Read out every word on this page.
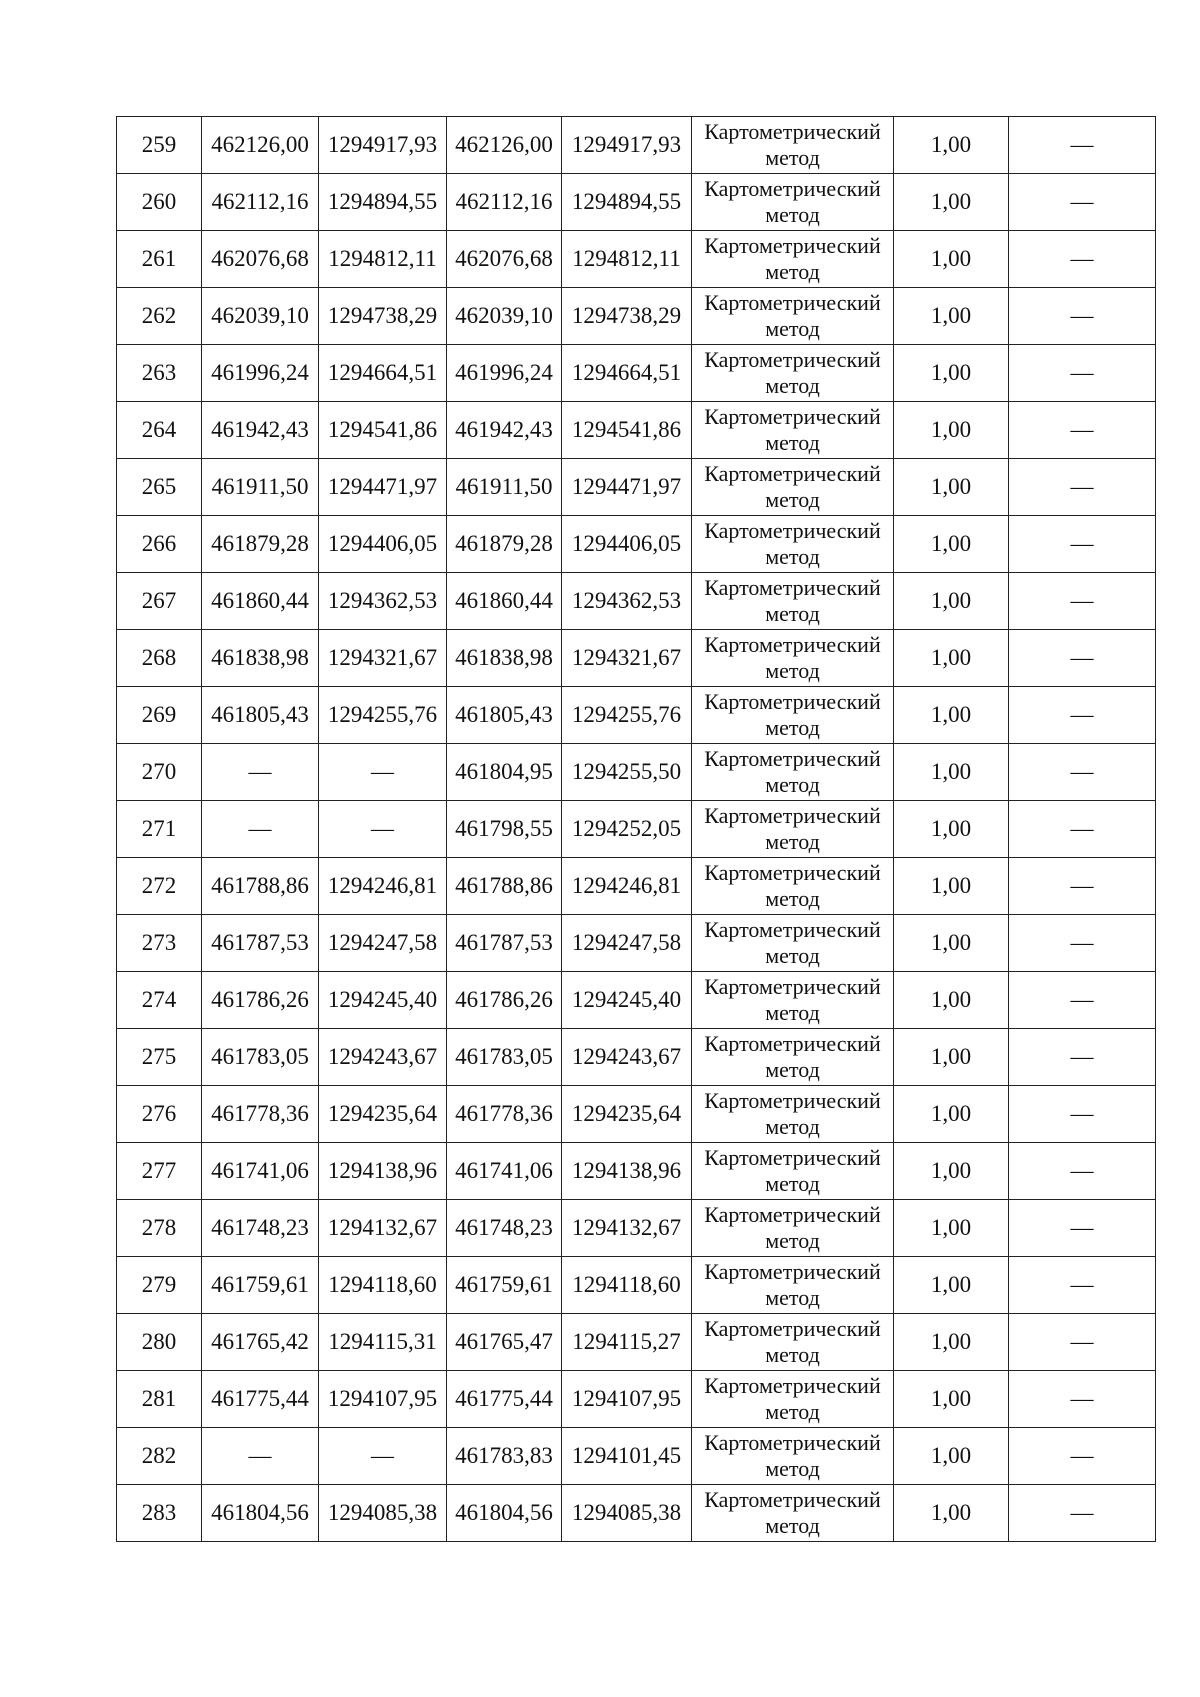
259	462126,00	1294917,93	462126,00	1294917,93	Картометрический
метод	1,00	—
260	462112,16	1294894,55	462112,16	1294894,55	Картометрический
метод	1,00	—
261	462076,68	1294812,11	462076,68	1294812,11	Картометрический
метод	1,00	—
262	462039,10	1294738,29	462039,10	1294738,29	Картометрический
метод	1,00	—
263	461996,24	1294664,51	461996,24	1294664,51	Картометрический
метод	1,00	—
264	461942,43	1294541,86	461942,43	1294541,86	Картометрический
метод	1,00	—
265	461911,50	1294471,97	461911,50	1294471,97	Картометрический
метод	1,00	—
266	461879,28	1294406,05	461879,28	1294406,05	Картометрический
метод	1,00	—
267	461860,44	1294362,53	461860,44	1294362,53	Картометрический
метод	1,00	—
268	461838,98	1294321,67	461838,98	1294321,67	Картометрический
метод	1,00	—
269	461805,43	1294255,76	461805,43	1294255,76	Картометрический
метод	1,00	—
270	—	—	461804,95	1294255,50	Картометрический
метод	1,00	—
271	—	—	461798,55	1294252,05	Картометрический
метод	1,00	—
272	461788,86	1294246,81	461788,86	1294246,81	Картометрический
метод	1,00	—
273	461787,53	1294247,58	461787,53	1294247,58	Картометрический
метод	1,00	—
274	461786,26	1294245,40	461786,26	1294245,40	Картометрический
метод	1,00	—
275	461783,05	1294243,67	461783,05	1294243,67	Картометрический
метод	1,00	—
276	461778,36	1294235,64	461778,36	1294235,64	Картометрический
метод	1,00	—
277	461741,06	1294138,96	461741,06	1294138,96	Картометрический
метод	1,00	—
278	461748,23	1294132,67	461748,23	1294132,67	Картометрический
метод	1,00	—
279	461759,61	1294118,60	461759,61	1294118,60	Картометрический
метод	1,00	—
280	461765,42	1294115,31	461765,47	1294115,27	Картометрический
метод	1,00	—
281	461775,44	1294107,95	461775,44	1294107,95	Картометрический
метод	1,00	—
282	—	—	461783,83	1294101,45	Картометрический
метод	1,00	—
283	461804,56	1294085,38	461804,56	1294085,38	Картометрический
метод	1,00	—
